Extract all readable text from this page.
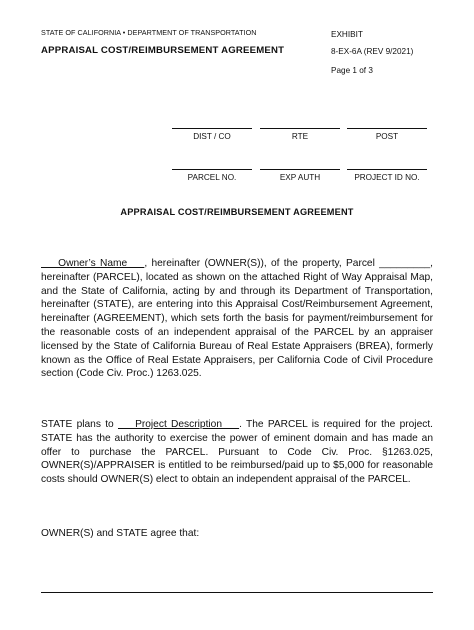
STATE OF CALIFORNIA • DEPARTMENT OF TRANSPORTATION
APPRAISAL COST/REIMBURSEMENT AGREEMENT
EXHIBIT
8-EX-6A (REV 9/2021)
Page 1 of 3
DIST / CO	RTE	POST
PARCEL NO.	EXP AUTH	PROJECT ID NO.
APPRAISAL COST/REIMBURSEMENT AGREEMENT

Owner’s Name    , hereinafter (OWNER(S)), of the property, Parcel _________, hereinafter (PARCEL), located as shown on the attached Right of Way Appraisal Map, and the State of California, acting by and through its Department of Transportation, hereinafter (STATE), are entering into this Appraisal Cost/Reimbursement Agreement, hereinafter (AGREEMENT), which sets forth the basis for payment/reimbursement for the reasonable costs of an independent appraisal of the PARCEL by an appraiser licensed by the State of California Bureau of Real Estate Appraisers (BREA), formerly known as the Office of Real Estate Appraisers, per California Code of Civil Procedure section (Code Civ. Proc.) 1263.025.

STATE plans to     Project Description    . The PARCEL is required for the project. STATE has the authority to exercise the power of eminent domain and has made an offer to purchase the PARCEL. Pursuant to Code Civ. Proc. §1263.025, OWNER(S)/APPRAISER is entitled to be reimbursed/paid up to $5,000 for reasonable costs should OWNER(S) elect to obtain an independent appraisal of the PARCEL.

OWNER(S) and STATE agree that:
